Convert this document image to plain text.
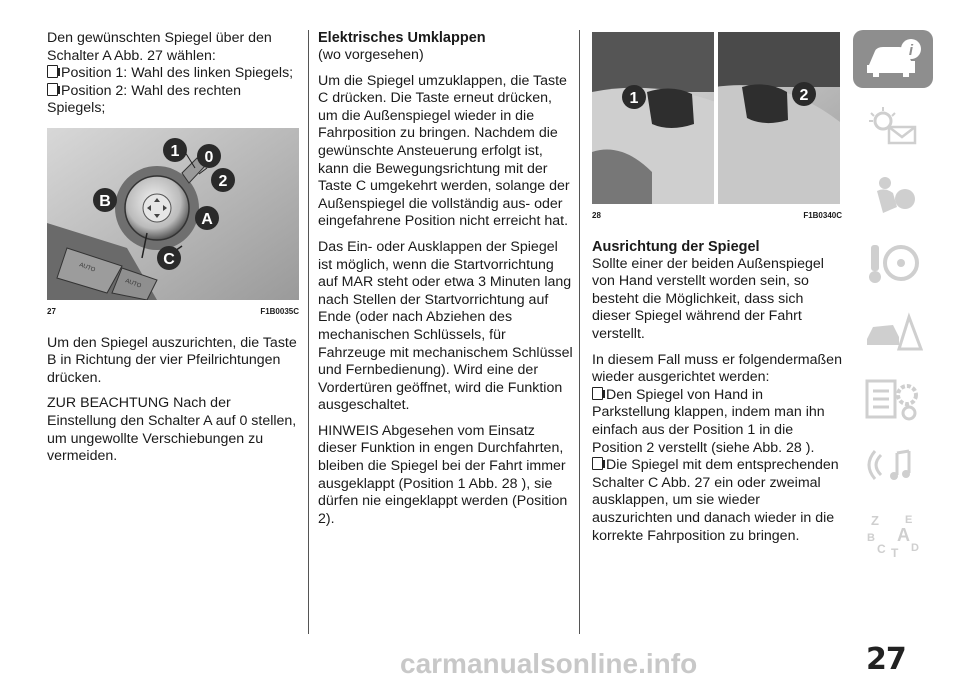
Den gewünschten Spiegel über den Schalter A Abb. 27 wählen:
Position 1: Wahl des linken Spiegels;
Position 2: Wahl des rechten Spiegels;

AUTO
AUTO
1 0
2
B
A
C
27	F1B0035C

Um den Spiegel auszurichten, die Taste B in Richtung der vier Pfeilrichtungen drücken.

ZUR BEACHTUNG Nach der Einstellung den Schalter A auf 0 stellen, um ungewollte Verschiebungen zu vermeiden.

Elektrisches Umklappen

(wo vorgesehen)

Um die Spiegel umzuklappen, die Taste C drücken. Die Taste erneut drücken, um die Außenspiegel wieder in die Fahrposition zu bringen. Nachdem die gewünschte Ansteuerung erfolgt ist, kann die Bewegungsrichtung mit der Taste C umgekehrt werden, solange der Außenspiegel die vollständig aus- oder eingefahrene Position nicht erreicht hat.

Das Ein- oder Ausklappen der Spiegel ist möglich, wenn die Startvorrichtung auf MAR steht oder etwa 3 Minuten lang nach Stellen der Startvorrichtung auf Ende (oder nach Abziehen des mechanischen Schlüssels, für Fahrzeuge mit mechanischem Schlüssel und Fernbedienung). Wird eine der Vordertüren geöffnet, wird die Funktion ausgeschaltet.

HINWEIS Abgesehen vom Einsatz dieser Funktion in engen Durchfahrten, bleiben die Spiegel bei der Fahrt immer ausgeklappt (Position 1 Abb. 28 ), sie dürfen nie eingeklappt werden (Position 2).

1	2
28	F1B0340C
Ausrichtung der Spiegel

Sollte einer der beiden Außenspiegel von Hand verstellt worden sein, so besteht die Möglichkeit, dass sich dieser Spiegel während der Fahrt verstellt.

In diesem Fall muss er folgendermaßen wieder ausgerichtet werden:
Den Spiegel von Hand in Parkstellung klappen, indem man ihn einfach aus der Position 1 in die Position 2 verstellt (siehe Abb. 28 ).
Die Spiegel mit dem entsprechenden Schalter C Abb. 27 ein oder zweimal ausklappen, um sie wieder auszurichten und danach wieder in die korrekte Fahrposition zu bringen.

i
Z E
B A
C T D
carmanualsonline.info	27
